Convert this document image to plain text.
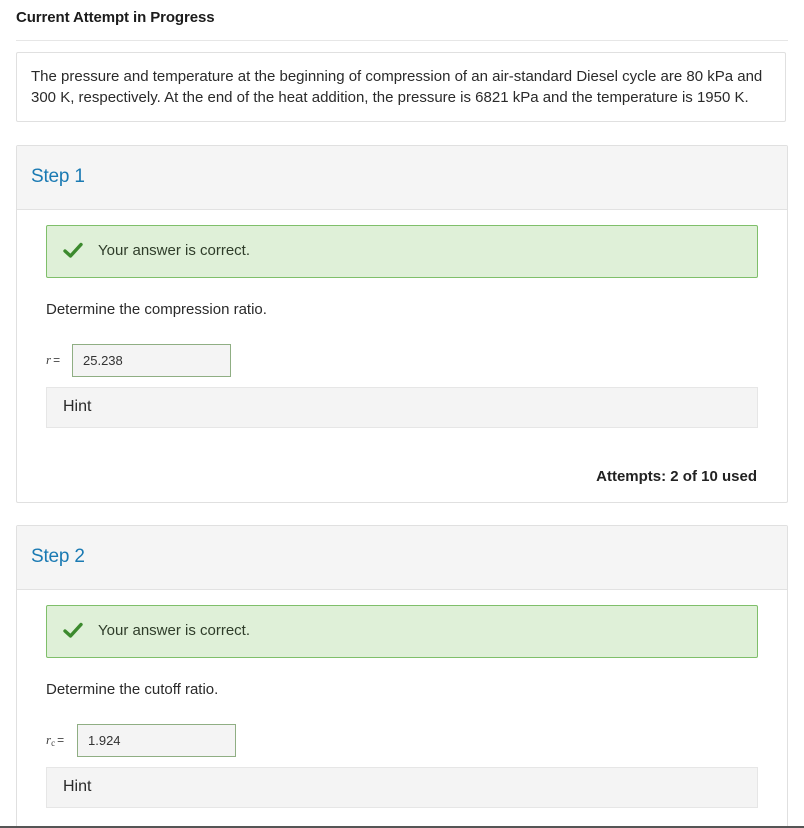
Current Attempt in Progress
The pressure and temperature at the beginning of compression of an air-standard Diesel cycle are 80 kPa and 300 K, respectively. At the end of the heat addition, the pressure is 6821 kPa and the temperature is 1950 K.
Step 1
Your answer is correct.
Determine the compression ratio.
r =	25.238
Hint
Attempts: 2 of 10 used
Step 2
Your answer is correct.
Determine the cutoff ratio.
$r_c$ =	1.924
Hint
